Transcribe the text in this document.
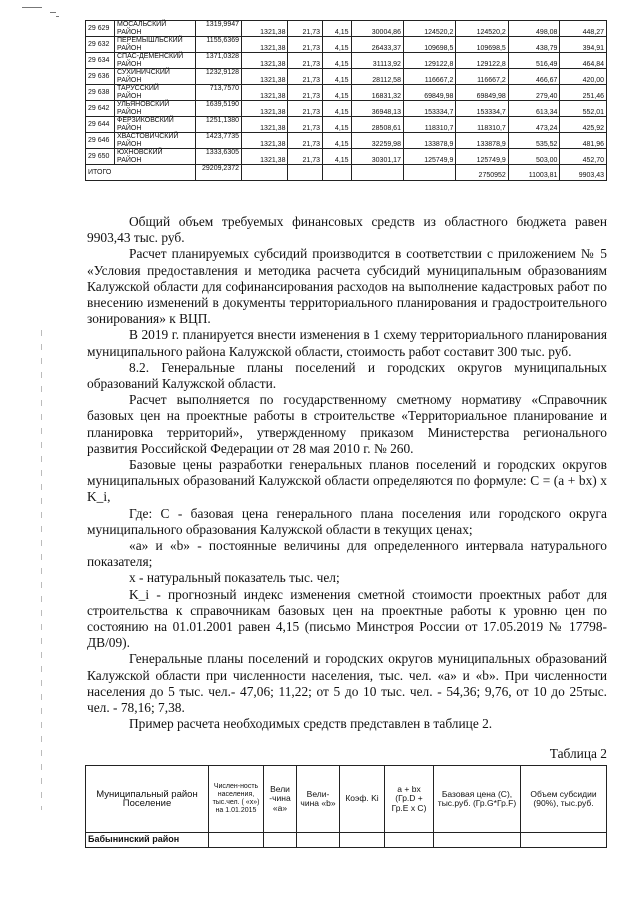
29 629	МОСАЛЬСКИЙ
РАЙОН	1319,9947	1321,38	21,73	4,15	30004,86	124520,2	124520,2	498,08	448,27
29 632	ПЕРЕМЫШЛЬСКИЙ
РАЙОН	1155,6369	1321,38	21,73	4,15	26433,37	109698,5	109698,5	438,79	394,91
29 634	СПАС-ДЕМЕНСКИЙ
РАЙОН	1371,0328	1321,38	21,73	4,15	31113,92	129122,8	129122,8	516,49	464,84
29 636	СУХИНИЧСКИЙ
РАЙОН	1232,9128	1321,38	21,73	4,15	28112,58	116667,2	116667,2	466,67	420,00
29 638	ТАРУССКИЙ
РАЙОН	713,7570	1321,38	21,73	4,15	16831,32	69849,98	69849,98	279,40	251,46
29 642	УЛЬЯНОВСКИЙ
РАЙОН	1639,5190	1321,38	21,73	4,15	36948,13	153334,7	153334,7	613,34	552,01
29 644	ФЕРЗИКОВСКИЙ
РАЙОН	1251,1380	1321,38	21,73	4,15	28508,61	118310,7	118310,7	473,24	425,92
29 646	ХВАСТОВИЧСКИЙ
РАЙОН	1423,7735	1321,38	21,73	4,15	32259,98	133878,9	133878,9	535,52	481,96
29 650	ЮХНОВСКИЙ
РАЙОН	1333,6305	1321,38	21,73	4,15	30301,17	125749,9	125749,9	503,00	452,70
ИТОГО		29209,2372						2750952	11003,81	9903,43

Общий объем требуемых финансовых средств из областного бюджета равен 9903,43 тыс. руб.

Расчет планируемых субсидий производится в соответствии с приложением № 5 «Условия предоставления и методика расчета субсидий муниципальным образованиям Калужской области для софинансирования расходов на выполнение кадастровых работ по внесению изменений в документы территориального планирования и градостроительного зонирования» к ВЦП.

В 2019 г. планируется внести изменения в 1 схему территориального планирования муниципального района Калужской области, стоимость работ составит 300 тыс. руб.

8.2. Генеральные планы поселений и городских округов муниципальных образований Калужской области.

Расчет выполняется по государственному сметному нормативу «Справочник базовых цен на проектные работы в строительстве «Территориальное планирование и планировка территорий», утвержденному приказом Министерства регионального развития Российской Федерации от 28 мая 2010 г. № 260.

Базовые цены разработки генеральных планов поселений и городских округов муниципальных образований Калужской области определяются по формуле: С = (а + bх) x K_i,

Где: С - базовая цена генерального плана поселения или городского округа муниципального образования Калужской области в текущих ценах;

«а» и «b» - постоянные величины для определенного интервала натурального показателя;

х - натуральный показатель тыс. чел;

K_i - прогнозный индекс изменения сметной стоимости проектных работ для строительства к справочникам базовых цен на проектные работы к уровню цен по состоянию на 01.01.2001 равен 4,15 (письмо Минстроя России от 17.05.2019 № 17798-ДВ/09).

Генеральные планы поселений и городских округов муниципальных образований Калужской области при численности населения, тыс. чел. «а» и «b». При численности населения до 5 тыс. чел.- 47,06; 11,22; от 5 до 10 тыс. чел. - 54,36; 9,76, от 10 до 25тыс. чел. - 78,16; 7,38.

Пример расчета необходимых средств представлен в таблице 2.

Таблица 2
Муниципальный район Поселение	Числен-ность населения, тыс.чел. ( «х») на 1.01.2015	Вели -чина «а»	Вели- чина «b»	Коэф. Ki	а + bх (Гр.D + Гр.Е х С)	Базовая цена (С), тыс.руб. (Гр.G*Гр.F)	Объем субсидии (90%), тыс.руб.
Бабынинский район							
